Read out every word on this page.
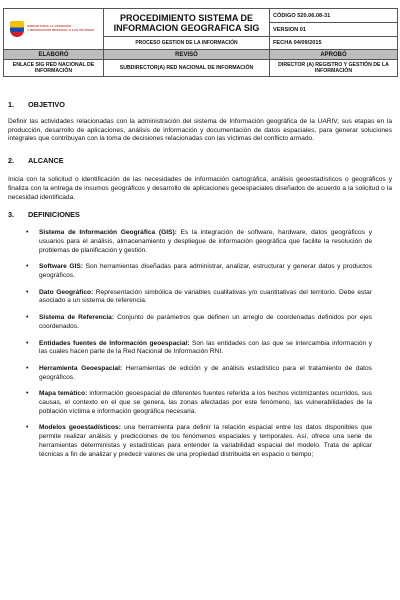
UNIDAD PARA LA ATENCIÓN
Y REPARACIÓN INTEGRAL A LAS VÍCTIMAS	PROCEDIMIENTO SISTEMA DE INFORMACION GEOGRAFICA SIG	CÓDIGO 520.06.08-31
		VERSION 01
	PROCESO GESTION DE LA INFORMACIÓN	FECHA 04/09/2015
ELABORÓ	REVISÓ	APROBÓ
ENLACE SIG RED NACIONAL DE INFORMACIÓN	SUBDIRECTOR(A) RED NACIONAL DE INFORMACIÓN	DIRECTOR (A) REGISTRO Y GESTIÓN DE LA INFORMACIÓN

1. OBJETIVO

Definir las actividades relacionadas con la administración del sistema de Información geográfica de la UARIV, sus etapas en la producción, desarrollo de aplicaciones, análisis de información y documentación de datos espaciales, para generar soluciones integrales que contribuyan con la toma de decisiones relacionadas con las víctimas del conflicto armado.

2. ALCANCE

Inicia con la solicitud o identificación de las necesidades de información cartográfica, análisis geoestadísticos o geográficos y finaliza con la entrega de insumos geográficos y desarrollo de aplicaciones geoespaciales diseñados de acuerdo a la solicitud o la necesidad identificada.

3. DEFINICIONES

• Sistema de Información Geográfica (GIS): Es la integración de software, hardware, datos geográficos y usuarios para el análisis, almacenamiento y despliegue de información geográfica que facilite la resolución de problemas de planificación y gestión.
• Software GIS: Son herramientas diseñadas para administrar, analizar, estructurar y generar datos y productos geográficos.
• Dato Geográfico: Representación simbólica de variables cualitativas y/o cuantitativas del territorio. Debe estar asociado a un sistema de referencia.
• Sistema de Referencia: Conjunto de parámetros que definen un arreglo de coordenadas definidos por ejes coordenados.
• Entidades fuentes de Información geoespacial: Son las entidades con las que se intercambia información y las cuales hacen parte de la Red Nacional de Información RNI.
• Herramienta Geoespacial: Herramientas de edición y de análisis estadístico para el tratamiento de datos geográficos.
• Mapa temático: información geoespacial de diferentes fuentes referida a los hechos victimizantes ocurridos, sus causas, el contexto en el que se genera, las zonas afectadas por este fenómeno, las vulnerabilidades de la población víctima e información geográfica necesaria.
• Modelos geoestadísticos: una herramienta para definir la relación espacial entre los datos disponibles que permite realizar análisis y predicciones de los fenómenos espaciales y temporales. Así, ofrece una serie de herramientas deterministas y estadísticas para entender la variabilidad espacial del modelo. Trata de aplicar técnicas a fin de analizar y predecir valores de una propiedad distribuida en espacio o tiempo;
